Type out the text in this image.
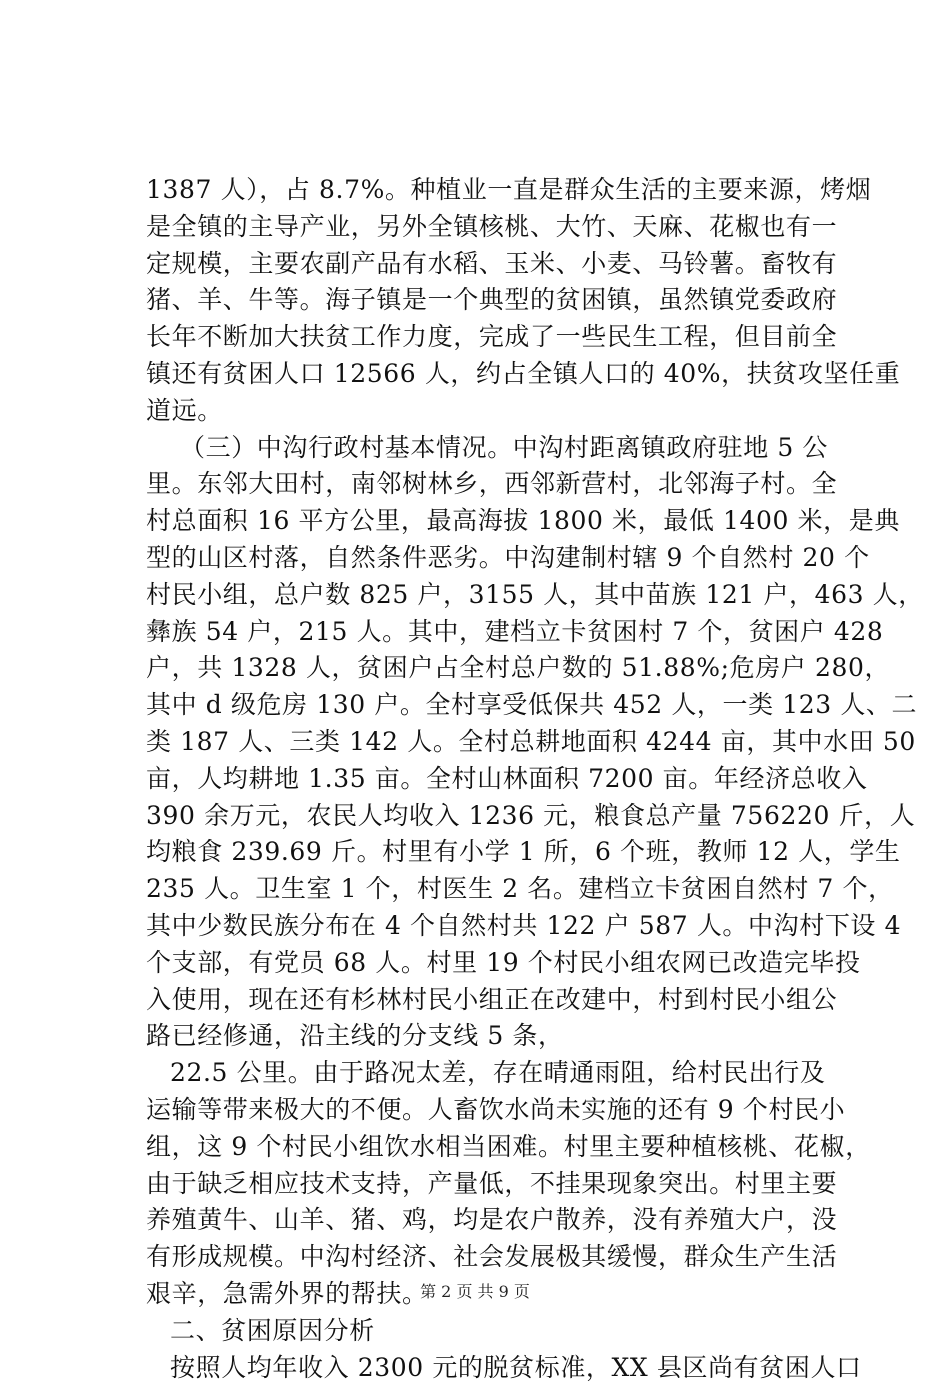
1387 人），占 8.7%。种植业一直是群众生活的主要来源，烤烟
是全镇的主导产业，另外全镇核桃、大竹、天麻、花椒也有一
定规模，主要农副产品有水稻、玉米、小麦、马铃薯。畜牧有
猪、羊、牛等。海子镇是一个典型的贫困镇，虽然镇党委政府
长年不断加大扶贫工作力度，完成了一些民生工程，但目前全
镇还有贫困人口 12566 人，约占全镇人口的 40%，扶贫攻坚任重
道远。
（三）中沟行政村基本情况。中沟村距离镇政府驻地 5 公
里。东邻大田村，南邻树林乡，西邻新营村，北邻海子村。全
村总面积 16 平方公里，最高海拔 1800 米，最低 1400 米，是典
型的山区村落，自然条件恶劣。中沟建制村辖 9 个自然村 20 个
村民小组，总户数 825 户，3155 人，其中苗族 121 户，463 人，
彝族 54 户，215 人。其中，建档立卡贫困村 7 个，贫困户 428
户，共 1328 人，贫困户占全村总户数的 51.88%;危房户 280，
其中 d 级危房 130 户。全村享受低保共 452 人，一类 123 人、二
类 187 人、三类 142 人。全村总耕地面积 4244 亩，其中水田 50
亩，人均耕地 1.35 亩。全村山林面积 7200 亩。年经济总收入
390 余万元，农民人均收入 1236 元，粮食总产量 756220 斤，人
均粮食 239.69 斤。村里有小学 1 所，6 个班，教师 12 人，学生
235 人。卫生室 1 个，村医生 2 名。建档立卡贫困自然村 7 个，
其中少数民族分布在 4 个自然村共 122 户 587 人。中沟村下设 4
个支部，有党员 68 人。村里 19 个村民小组农网已改造完毕投
入使用，现在还有杉林村民小组正在改建中，村到村民小组公
路已经修通，沿主线的分支线 5 条，
22.5 公里。由于路况太差，存在晴通雨阻，给村民出行及
运输等带来极大的不便。人畜饮水尚未实施的还有 9 个村民小
组，这 9 个村民小组饮水相当困难。村里主要种植核桃、花椒，
由于缺乏相应技术支持，产量低，不挂果现象突出。村里主要
养殖黄牛、山羊、猪、鸡，均是农户散养，没有养殖大户，没
有形成规模。中沟村经济、社会发展极其缓慢，群众生产生活
艰辛，急需外界的帮扶。
二、贫困原因分析
按照人均年收入 2300 元的脱贫标准，XX 县区尚有贫困人口
第 2 页 共 9 页
